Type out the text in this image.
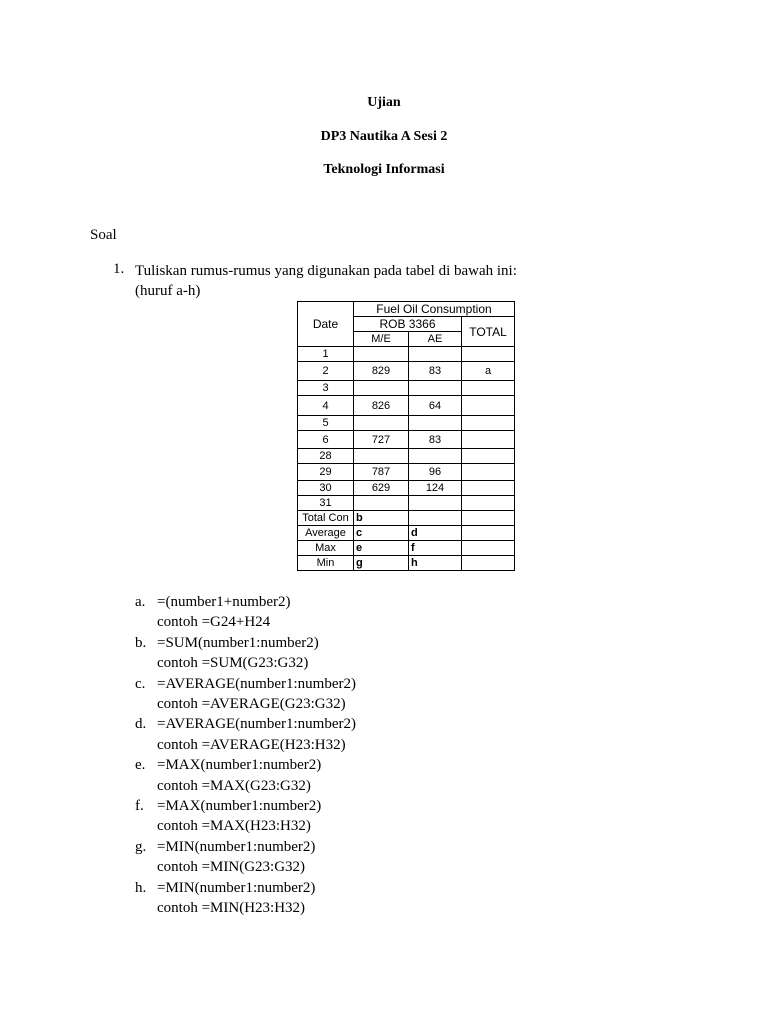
Ujian
DP3 Nautika A Sesi 2
Teknologi Informasi
Soal
1. Tuliskan rumus-rumus yang digunakan pada tabel di bawah ini:
(huruf a-h)
Date	Fuel Oil Consumption		
	ROB 3366		TOTAL
	M/E	AE	
1			
2	829	83	a
3			
4	826	64	
5			
6	727	83	
28			
29	787	96	
30	629	124	
31			
Total Con	b		
Average	c	d	
Max	e	f	
Min	g	h	
a. =(number1+number2)
contoh =G24+H24
b. =SUM(number1:number2)
contoh =SUM(G23:G32)
c. =AVERAGE(number1:number2)
contoh =AVERAGE(G23:G32)
d. =AVERAGE(number1:number2)
contoh =AVERAGE(H23:H32)
e. =MAX(number1:number2)
contoh =MAX(G23:G32)
f. =MAX(number1:number2)
contoh =MAX(H23:H32)
g. =MIN(number1:number2)
contoh =MIN(G23:G32)
h. =MIN(number1:number2)
contoh =MIN(H23:H32)
